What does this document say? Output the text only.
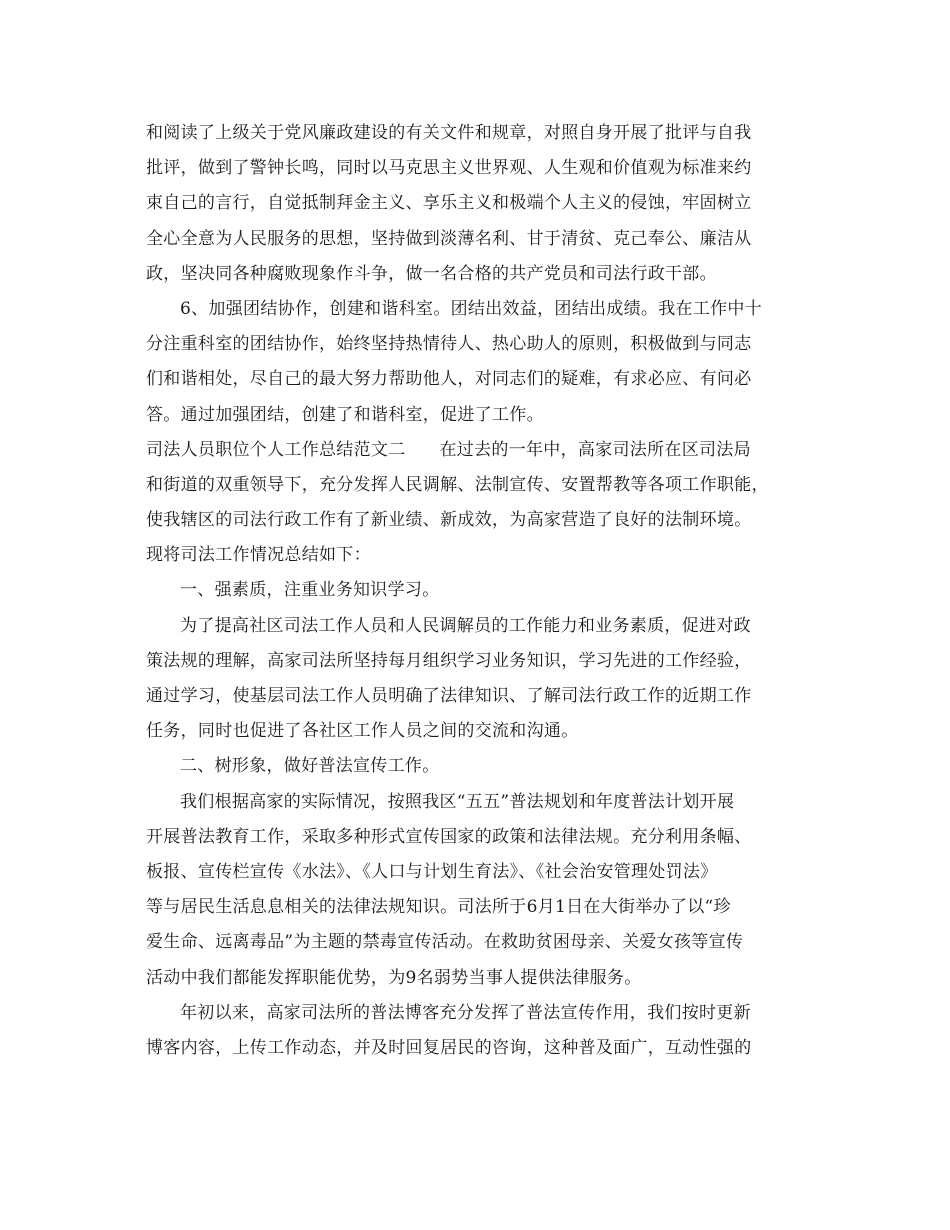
和阅读了上级关于党风廉政建设的有关文件和规章，对照自身开展了批评与自我
批评，做到了警钟长鸣，同时以马克思主义世界观、人生观和价值观为标准来约
束自己的言行，自觉抵制拜金主义、享乐主义和极端个人主义的侵蚀，牢固树立
全心全意为人民服务的思想，坚持做到淡薄名利、甘于清贫、克己奉公、廉洁从
政，坚决同各种腐败现象作斗争，做一名合格的共产党员和司法行政干部。
6、加强团结协作，创建和谐科室。团结出效益，团结出成绩。我在工作中十
分注重科室的团结协作，始终坚持热情待人、热心助人的原则，积极做到与同志
们和谐相处，尽自己的最大努力帮助他人，对同志们的疑难，有求必应、有问必
答。通过加强团结，创建了和谐科室，促进了工作。
司法人员职位个人工作总结范文二 在过去的一年中，高家司法所在区司法局
和街道的双重领导下，充分发挥人民调解、法制宣传、安置帮教等各项工作职能，
使我辖区的司法行政工作有了新业绩、新成效，为高家营造了良好的法制环境。
现将司法工作情况总结如下：
一、强素质，注重业务知识学习。
为了提高社区司法工作人员和人民调解员的工作能力和业务素质，促进对政
策法规的理解，高家司法所坚持每月组织学习业务知识，学习先进的工作经验，
通过学习，使基层司法工作人员明确了法律知识、了解司法行政工作的近期工作
任务，同时也促进了各社区工作人员之间的交流和沟通。
二、树形象，做好普法宣传工作。
我们根据高家的实际情况，按照我区“五五”普法规划和年度普法计划开展
开展普法教育工作，采取多种形式宣传国家的政策和法律法规。充分利用条幅、
板报、宣传栏宣传《水法》、《人口与计划生育法》、《社会治安管理处罚法》
等与居民生活息息相关的法律法规知识。司法所于6月1日在大街举办了以“珍
爱生命、远离毒品”为主题的禁毒宣传活动。在救助贫困母亲、关爱女孩等宣传
活动中我们都能发挥职能优势，为9名弱势当事人提供法律服务。
年初以来，高家司法所的普法博客充分发挥了普法宣传作用，我们按时更新
博客内容，上传工作动态，并及时回复居民的咨询，这种普及面广，互动性强的
